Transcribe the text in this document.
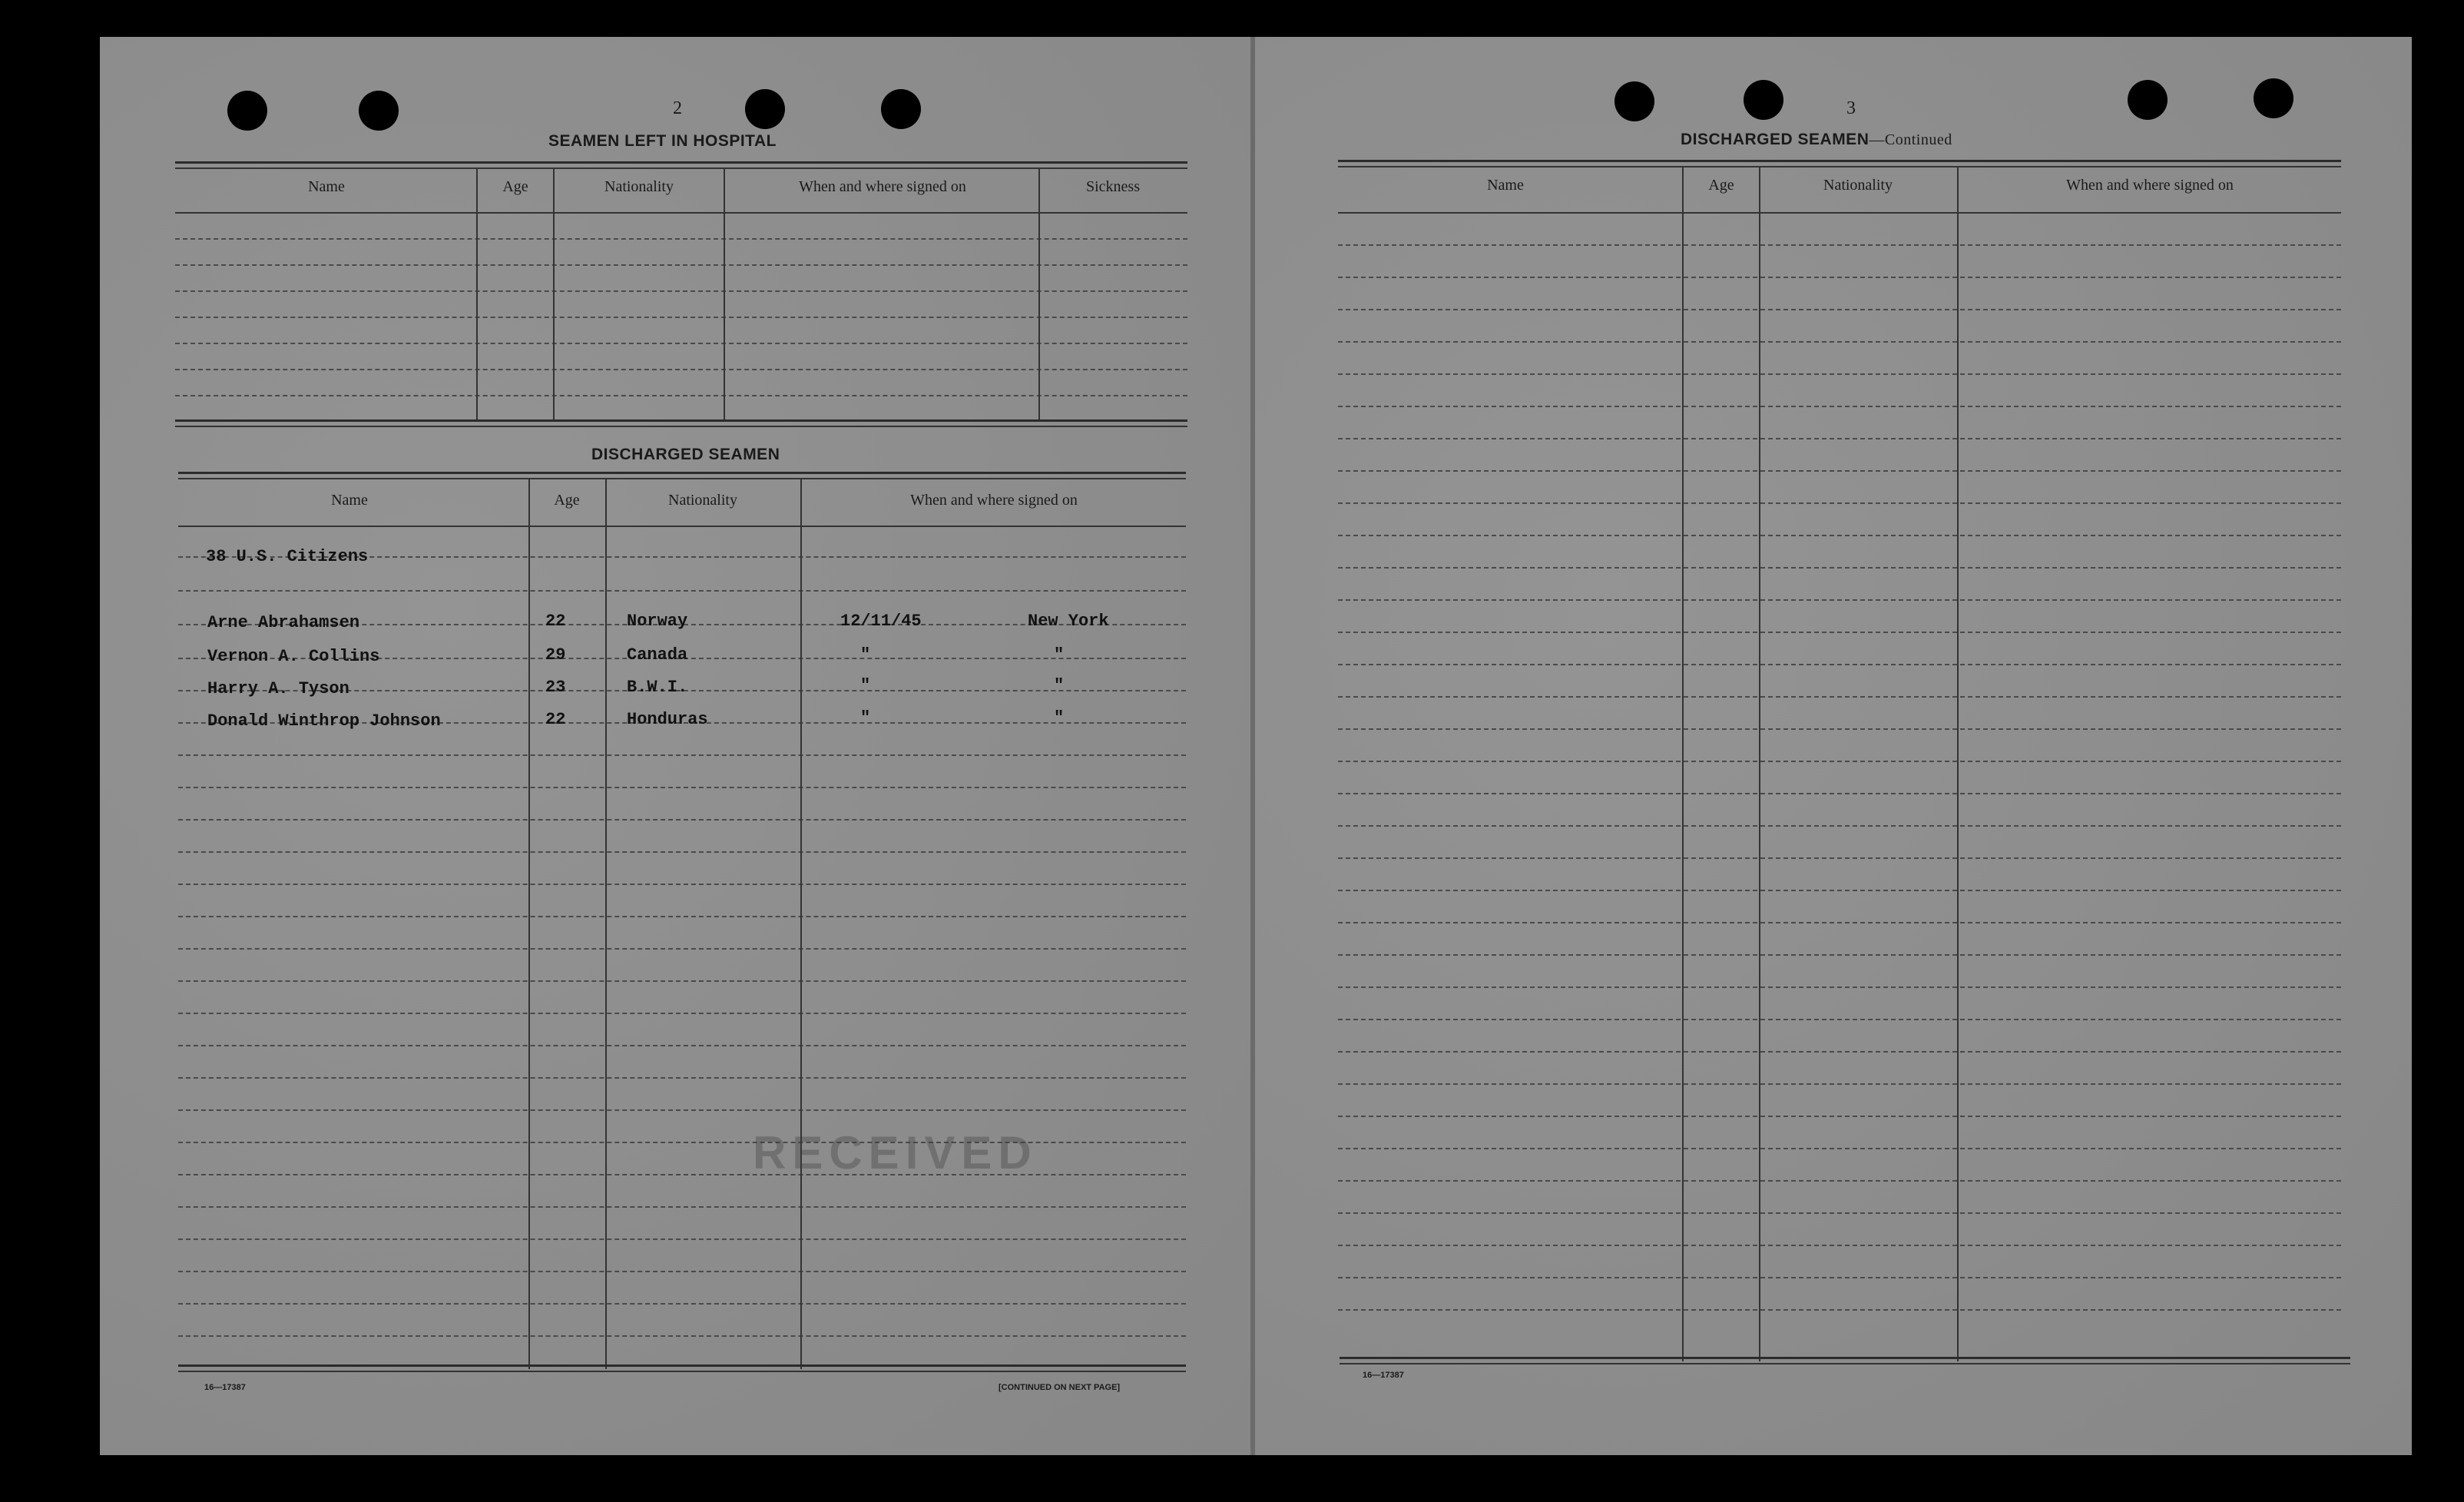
2
SEAMEN LEFT IN HOSPITAL
Name	Age	Nationality	When and where signed on	Sickness
DISCHARGED SEAMEN
Name	Age	Nationality	When and where signed on
38 U.S. Citizens
Arne Abrahamsen	22	Norway	12/11/45	New York
Vernon A. Collins	29	Canada	"	"
Harry A. Tyson	23	B.W.I.	"	"
Donald Winthrop Johnson	22	Honduras	"	"
RECEIVED
16—17387	[CONTINUED ON NEXT PAGE]
3
DISCHARGED SEAMEN—Continued
Name	Age	Nationality	When and where signed on
16—17387
